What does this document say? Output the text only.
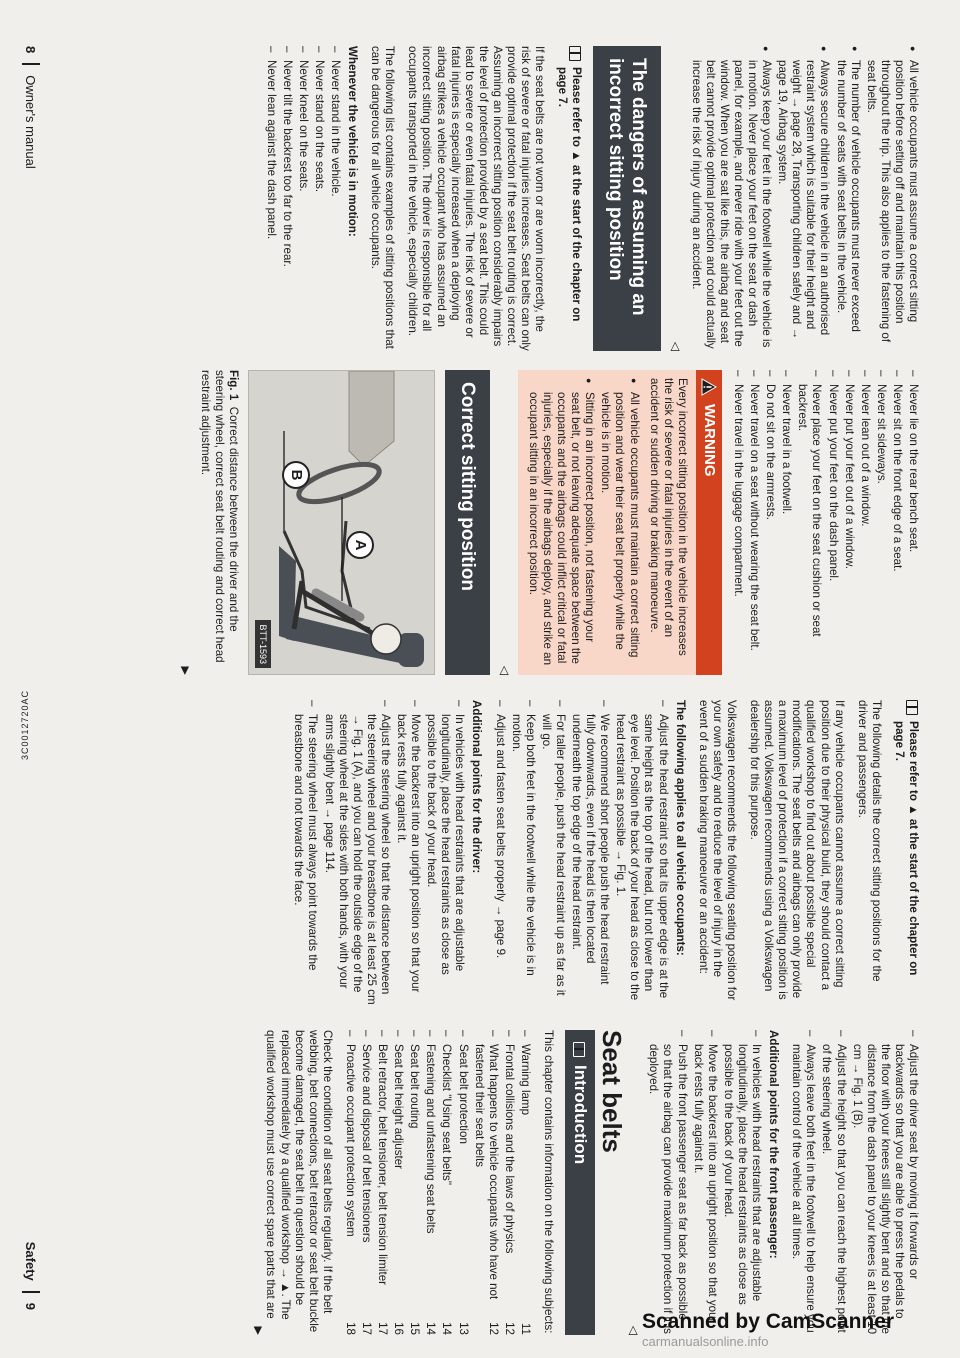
● All vehicle occupants must assume a correct sitting position before setting off and maintain this position throughout the trip. This also applies to the fastening of seat belts.
● The number of vehicle occupants must never exceed the number of seats with seat belts in the vehicle.
● Always secure children in the vehicle in an authorised restraint system which is suitable for their height and weight → page 28, Transporting children safely and → page 19, Airbag system.
● Always keep your feet in the footwell while the vehicle is in motion. Never place your feet on the seat or dash panel, for example, and never ride with your feet out the window. When you are sat like this, the airbag and seat belt cannot provide optimal protection and could actually increase the risk of injury during an accident.
◁
The dangers of assuming an incorrect sitting position
Please refer to ▲ at the start of the chapter on page 7.

If the seat belts are not worn or are worn incorrectly, the risk of severe or fatal injuries increases. Seat belts can only provide optimal protection if the seat belt routing is correct. Assuming an incorrect sitting position considerably impairs the level of protection provided by a seat belt. This could lead to severe or even fatal injuries. The risk of severe or fatal injuries is especially increased when a deploying airbag strikes a vehicle occupant who has assumed an incorrect sitting position. The driver is responsible for all occupants transported in the vehicle, especially children.

The following list contains examples of sitting positions that can be dangerous for all vehicle occupants.

Whenever the vehicle is in motion:

– Never stand in the vehicle.
– Never stand on the seats.
– Never kneel on the seats.
– Never tilt the backrest too far to the rear.
– Never lean against the dash panel.
– Never lie on the rear bench seat.
– Never sit on the front edge of a seat.
– Never sit sideways.
– Never lean out of a window.
– Never put your feet out of a window.
– Never put your feet on the dash panel.
– Never place your feet on the seat cushion or seat backrest.
– Never travel in a footwell.
– Do not sit on the armrests.
– Never travel on a seat without wearing the seat belt.
– Never travel in the luggage compartment.
WARNING

Every incorrect sitting position in the vehicle increases the risk of severe or fatal injuries in the event of an accident or sudden driving or braking manoeuvre.

● All vehicle occupants must maintain a correct sitting position and wear their seat belt properly while the vehicle is in motion.
● Sitting in an incorrect position, not fastening your seat belt, or not leaving adequate space between the occupants and the airbags could inflict critical or fatal injuries, especially if the airbags deploy, and strike an occupant sitting in an incorrect position.
◁
Correct sitting position
A
B
BTT-1593

Fig. 1  Correct distance between the driver and the steering wheel, correct seat belt routing and correct head restraint adjustment.

▶
Please refer to ▲ at the start of the chapter on page 7.

The following details the correct sitting positions for the driver and passengers.

If any vehicle occupants cannot assume a correct sitting position due to their physical build, they should contact a qualified workshop to find out about possible special modifications. The seat belts and airbags can only provide a maximum level of protection if a correct sitting position is assumed. Volkswagen recommends using a Volkswagen dealership for this purpose.

Volkswagen recommends the following seating position for your own safety and to reduce the level of injury in the event of a sudden braking manoeuvre or an accident:

The following applies to all vehicle occupants:

– Adjust the head restraint so that its upper edge is at the same height as the top of the head, but not lower than eye level. Position the back of your head as close to the head restraint as possible → Fig. 1.
– We recommend short people push the head restraint fully downwards, even if the head is then located underneath the top edge of the head restraint.
– For taller people, push the head restraint up as far as it will go.
– Keep both feet in the footwell while the vehicle is in motion.
– Adjust and fasten seat belts properly → page 9.

Additional points for the driver:

– In vehicles with head restraints that are adjustable longitudinally, place the head restraints as close as possible to the back of your head.
– Move the backrest into an upright position so that your back rests fully against it.
– Adjust the steering wheel so that the distance between the steering wheel and your breastbone is at least 25 cm → Fig. 1 (A), and you can hold the outside edge of the steering wheel at the sides with both hands, with your arms slightly bent → page 114.
– The steering wheel must always point towards the breastbone and not towards the face.
– Adjust the driver seat by moving it forwards or backwards so that you are able to press the pedals to the floor with your knees still slightly bent and so that the distance from the dash panel to your knees is at least 10 cm → Fig. 1 (B).
– Adjust the height so that you can reach the highest point of the steering wheel.
– Always leave both feet in the footwell to help ensure you maintain control of the vehicle at all times.

Additional points for the front passenger:

– In vehicles with head restraints that are adjustable longitudinally, place the head restraints as close as possible to the back of your head.
– Move the backrest into an upright position so that your back rests fully against it.
– Push the front passenger seat as far back as possible so that the airbag can provide maximum protection if it is deployed.
◁
Seat belts
Introduction

This chapter contains information on the following subjects:

– Warning lamp
11
– Frontal collisions and the laws of physics
12
– What happens to vehicle occupants who have not fastened their seat belts
12
– Seat belt protection
13
– Checklist "Using seat belts"
14
– Fastening and unfastening seat belts
14
– Seat belt routing
15
– Seat belt height adjuster
16
– Belt retractor, belt tensioner, belt tension limiter
17
– Service and disposal of belt tensioners
17
– Proactive occupant protection system
18

Check the condition of all seat belts regularly. If the belt webbing, belt connections, belt retractor or seat belt buckle become damaged, the seat belt in question should be replaced immediately by a qualified workshop → ▲. The qualified workshop must use correct spare parts that are

▶
8
Owner's manual
3C0012720AC
Safety
9
Scanned by CamScanner
carmanualsonline.info
